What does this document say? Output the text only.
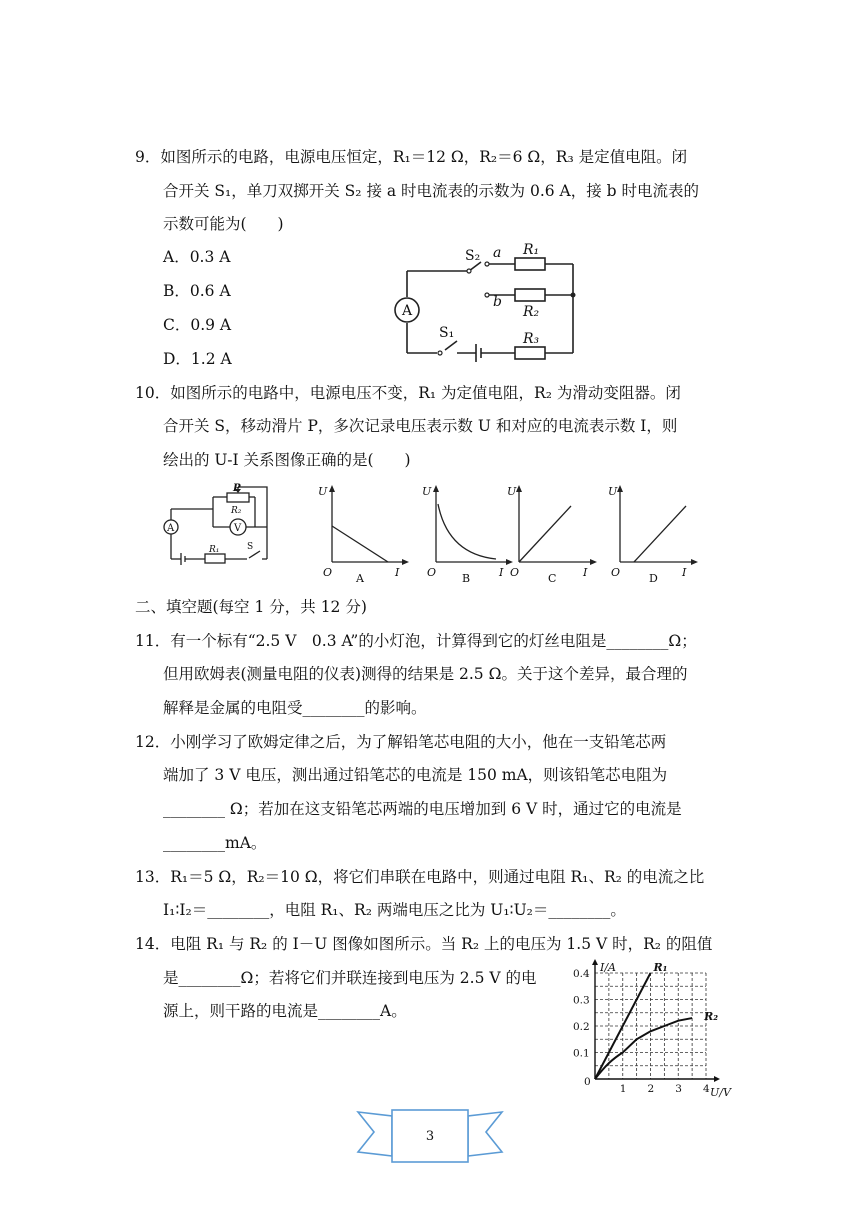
9．如图所示的电路，电源电压恒定，R₁＝12 Ω，R₂＝6 Ω，R₃ 是定值电阻。闭
合开关 S₁，单刀双掷开关 S₂ 接 a 时电流表的示数为 0.6 A，接 b 时电流表的
示数可能为(　　)
A．0.3 A
B．0.6 A
C．0.9 A
D．1.2 A
A
S₂ a
b
S₁
R₁
R₂
R₃
10．如图所示的电路中，电源电压不变，R₁ 为定值电阻，R₂ 为滑动变阻器。闭
合开关 S，移动滑片 P，多次记录电压表示数 U 和对应的电流表示数 I，则
绘出的 U-I 关系图像正确的是(　　)
P
R₂
V
A
R₁	S
U
O	I
A
U
O	I
B
U
O	I
C
U
O	I
D
二、填空题(每空 1 分，共 12 分)
11．有一个标有“2.5 V　0.3 A”的小灯泡，计算得到它的灯丝电阻是________Ω；
但用欧姆表(测量电阻的仪表)测得的结果是 2.5 Ω。关于这个差异，最合理的
解释是金属的电阻受________的影响。
12．小刚学习了欧姆定律之后，为了解铅笔芯电阻的大小，他在一支铅笔芯两
端加了 3 V 电压，测出通过铅笔芯的电流是 150 mA，则该铅笔芯电阻为
________ Ω；若加在这支铅笔芯两端的电压增加到 6 V 时，通过它的电流是
________mA。
13．R₁＝5 Ω，R₂＝10 Ω，将它们串联在电路中，则通过电阻 R₁、R₂ 的电流之比
I₁∶I₂＝________，电阻 R₁、R₂ 两端电压之比为 U₁∶U₂＝________。
14．电阻 R₁ 与 R₂ 的 I－U 图像如图所示。当 R₂ 上的电压为 1.5 V 时，R₂ 的阻值
是________Ω；若将它们并联连接到电压为 2.5 V 的电
源上，则干路的电流是________A。
1 2 3 4
0.1
0.2
0.3
0.4
0
I/A
U/V
R₁
R₂
3
